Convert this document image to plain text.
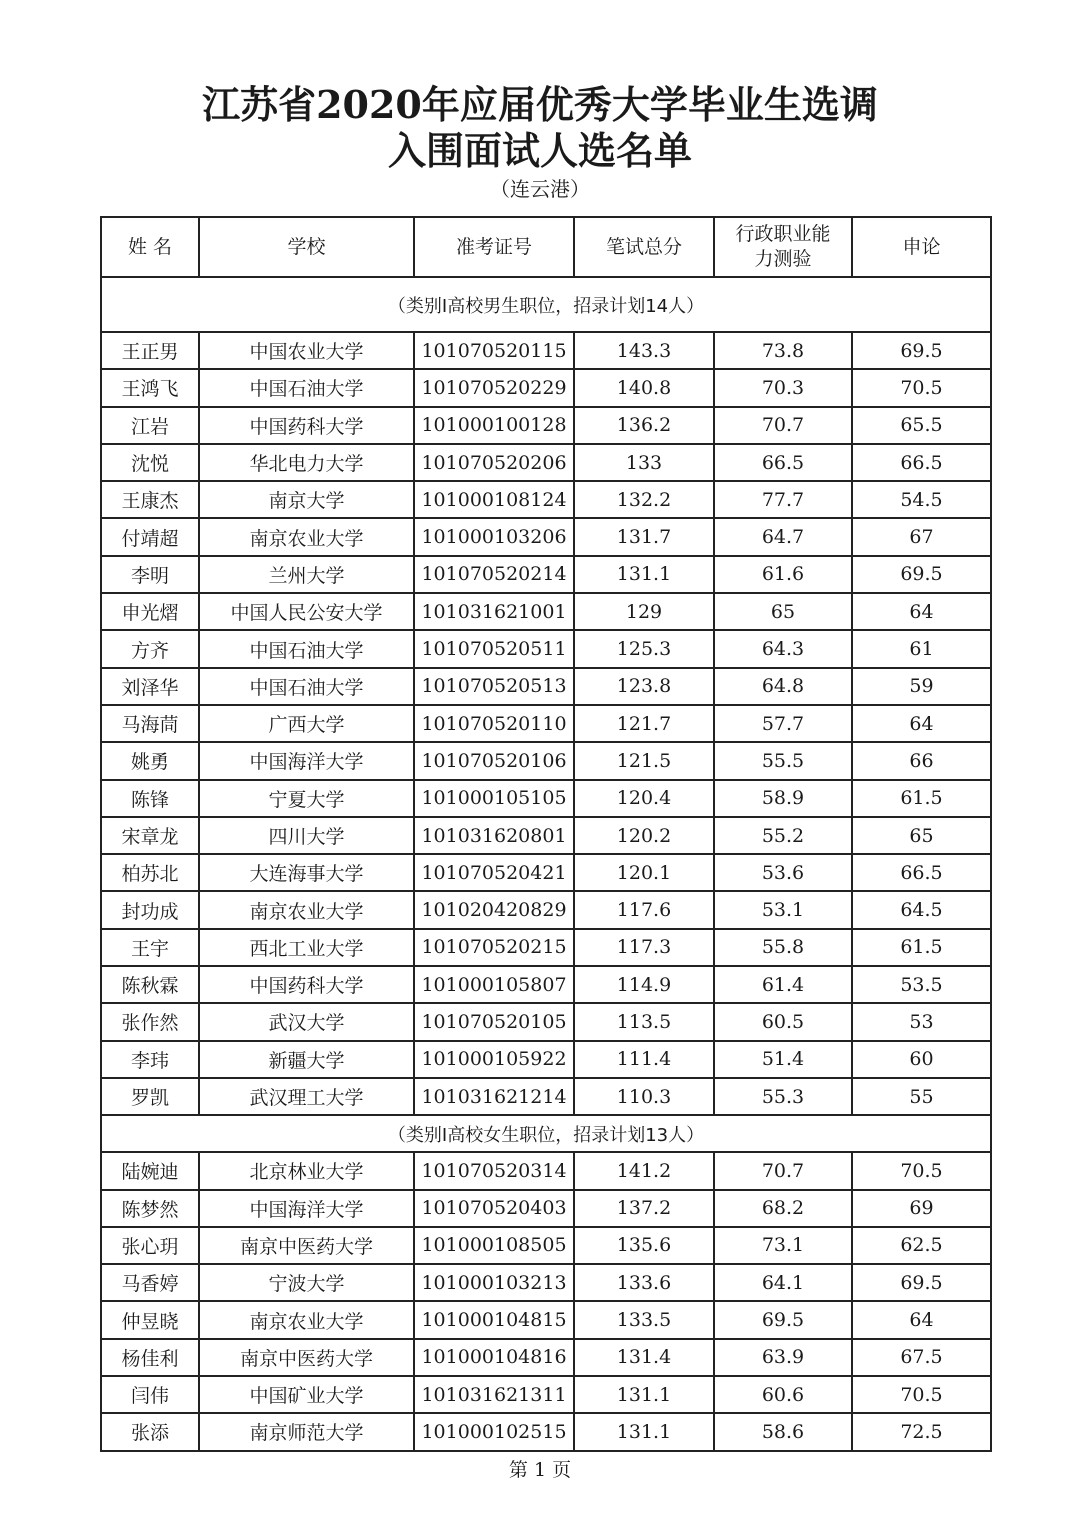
江苏省2020年应届优秀大学毕业生选调
入围面试人选名单
（连云港）
姓 名	学校	准考证号	笔试总分	行政职业能力测验	申论
（类别Ⅰ高校男生职位，招录计划14人）					
王正男	中国农业大学	101070520115	143.3	73.8	69.5
王鸿飞	中国石油大学	101070520229	140.8	70.3	70.5
江岩	中国药科大学	101000100128	136.2	70.7	65.5
沈悦	华北电力大学	101070520206	133	66.5	66.5
王康杰	南京大学	101000108124	132.2	77.7	54.5
付靖超	南京农业大学	101000103206	131.7	64.7	67
李明	兰州大学	101070520214	131.1	61.6	69.5
申光熠	中国人民公安大学	101031621001	129	65	64
方齐	中国石油大学	101070520511	125.3	64.3	61
刘泽华	中国石油大学	101070520513	123.8	64.8	59
马海茼	广西大学	101070520110	121.7	57.7	64
姚勇	中国海洋大学	101070520106	121.5	55.5	66
陈锋	宁夏大学	101000105105	120.4	58.9	61.5
宋章龙	四川大学	101031620801	120.2	55.2	65
柏苏北	大连海事大学	101070520421	120.1	53.6	66.5
封功成	南京农业大学	101020420829	117.6	53.1	64.5
王宇	西北工业大学	101070520215	117.3	55.8	61.5
陈秋霖	中国药科大学	101000105807	114.9	61.4	53.5
张作然	武汉大学	101070520105	113.5	60.5	53
李玮	新疆大学	101000105922	111.4	51.4	60
罗凯	武汉理工大学	101031621214	110.3	55.3	55
（类别Ⅰ高校女生职位，招录计划13人）					
陆婉迪	北京林业大学	101070520314	141.2	70.7	70.5
陈梦然	中国海洋大学	101070520403	137.2	68.2	69
张心玥	南京中医药大学	101000108505	135.6	73.1	62.5
马香婷	宁波大学	101000103213	133.6	64.1	69.5
仲昱晓	南京农业大学	101000104815	133.5	69.5	64
杨佳利	南京中医药大学	101000104816	131.4	63.9	67.5
闫伟	中国矿业大学	101031621311	131.1	60.6	70.5
张添	南京师范大学	101000102515	131.1	58.6	72.5
第 1 页
